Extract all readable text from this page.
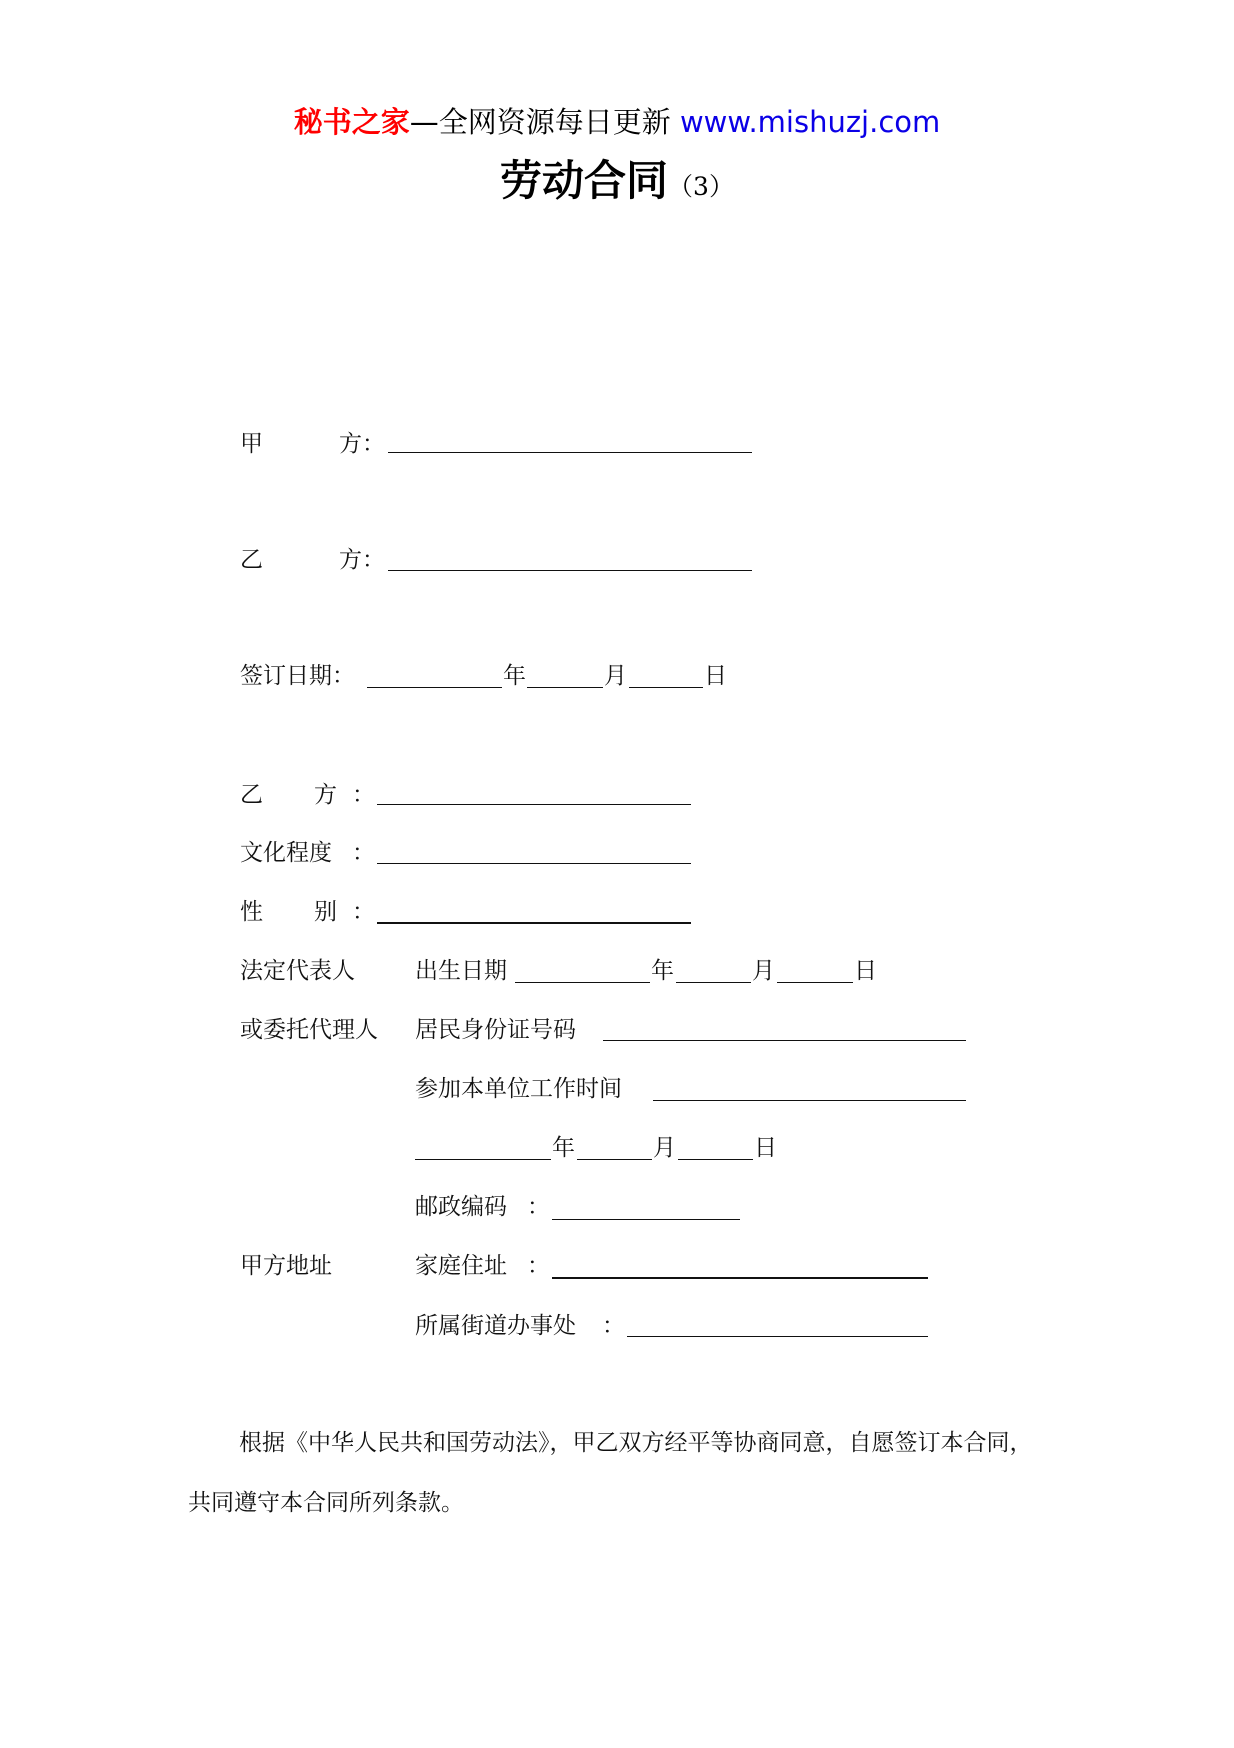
秘书之家—全网资源每日更新 www.mishuzj.com
劳动合同（3）
甲	方：
乙	方：
签订日期：	年	月	日
乙 方 ：
文化程度 ：
性 别 ：
法定代表人	出生日期	年	月	日
或委托代理人 居民身份证号码
参加本单位工作时间
年	月	日
邮政编码 ：
甲方地址	家庭住址 ：
所属街道办事处 ：
根据《中华人民共和国劳动法》，甲乙双方经平等协商同意，自愿签订本合同，共同遵守本合同所列条款。
